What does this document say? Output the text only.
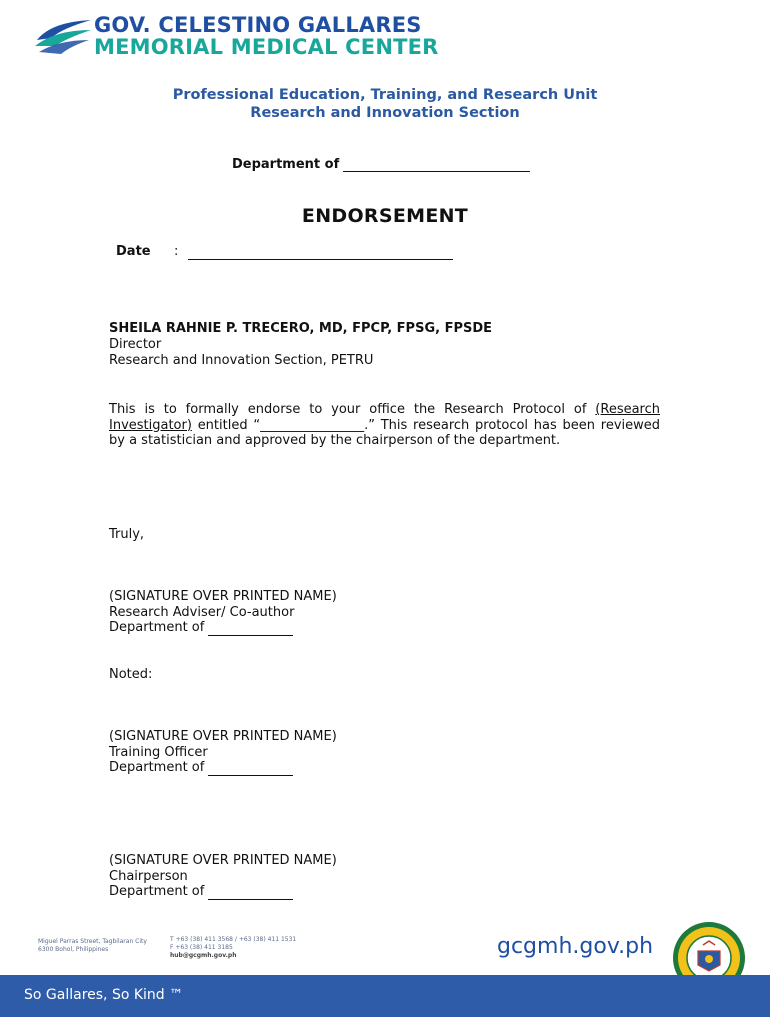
GOV. CELESTINO GALLARES
MEMORIAL MEDICAL CENTER
Professional Education, Training, and Research Unit
Research and Innovation Section
Department of
ENDORSEMENT
Date :
SHEILA RAHNIE P. TRECERO, MD, FPCP, FPSG, FPSDE
Director
Research and Innovation Section, PETRU
This is to formally endorse to your office the Research Protocol of (Research Investigator) entitled “________________.” This research protocol has been reviewed by a statistician and approved by the chairperson of the department.
Truly,
(SIGNATURE OVER PRINTED NAME)
Research Adviser/ Co-author
Department of
Noted:
(SIGNATURE OVER PRINTED NAME)
Training Officer
Department of
(SIGNATURE OVER PRINTED NAME)
Chairperson
Department of
Miguel Parras Street, Tagbilaran City
6300 Bohol, Philippines
T +63 (38) 411 3568 / +63 (38) 411 1531
F +63 (38) 411 3185
hub@gcgmh.gov.ph	gcgmh.gov.ph
So Gallares, So Kind ™
